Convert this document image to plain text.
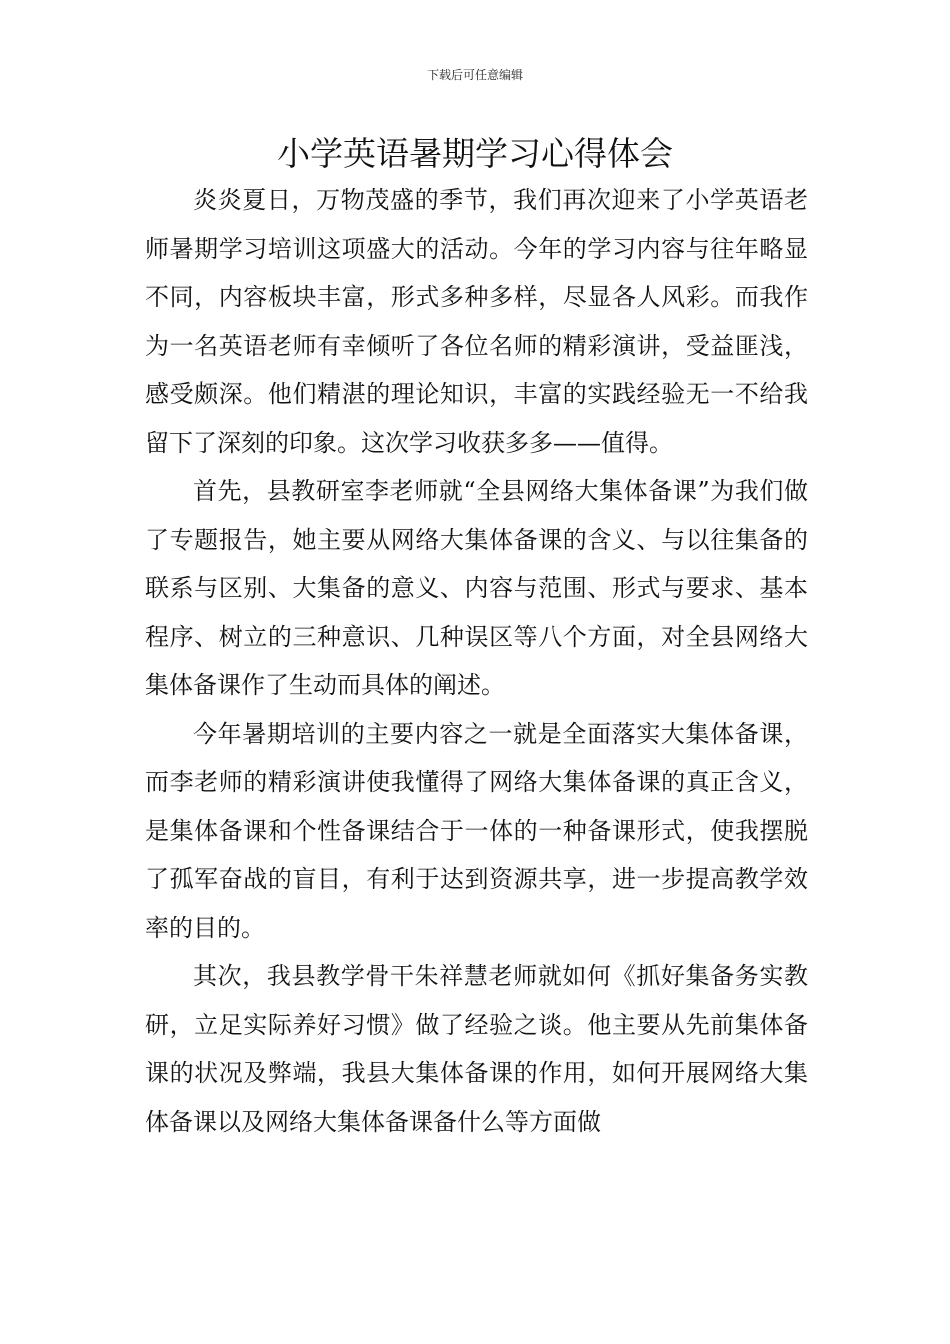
下载后可任意编辑
小学英语暑期学习心得体会

炎炎夏日，万物茂盛的季节，我们再次迎来了小学英语老师暑期学习培训这项盛大的活动。今年的学习内容与往年略显不同，内容板块丰富，形式多种多样，尽显各人风彩。而我作为一名英语老师有幸倾听了各位名师的精彩演讲，受益匪浅，感受颇深。他们精湛的理论知识，丰富的实践经验无一不给我留下了深刻的印象。这次学习收获多多——值得。

首先，县教研室李老师就“全县网络大集体备课”为我们做了专题报告，她主要从网络大集体备课的含义、与以往集备的联系与区别、大集备的意义、内容与范围、形式与要求、基本程序、树立的三种意识、几种误区等八个方面，对全县网络大集体备课作了生动而具体的阐述。

今年暑期培训的主要内容之一就是全面落实大集体备课，而李老师的精彩演讲使我懂得了网络大集体备课的真正含义，是集体备课和个性备课结合于一体的一种备课形式，使我摆脱了孤军奋战的盲目，有利于达到资源共享，进一步提高教学效率的目的。

其次，我县教学骨干朱祥慧老师就如何《抓好集备务实教研，立足实际养好习惯》做了经验之谈。他主要从先前集体备课的状况及弊端，我县大集体备课的作用，如何开展网络大集体备课以及网络大集体备课备什么等方面做
